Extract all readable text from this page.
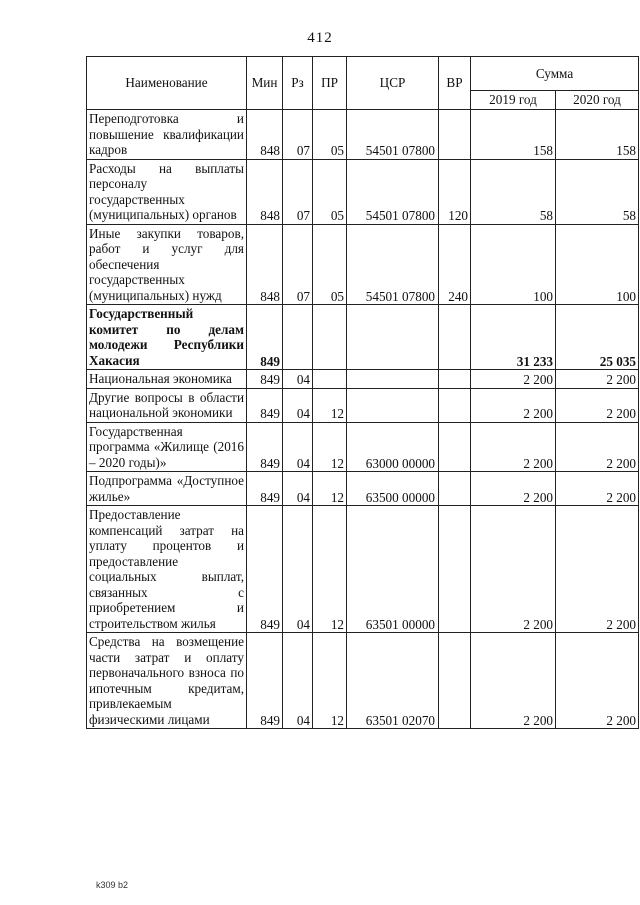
412
Наименование	Мин	Рз	ПР	ЦСР	ВР	Сумма	
						2019 год	2020 год
Переподготовка и повышение квалификации кадров	848	07	05	54501 07800		158	158
Расходы на выплаты персоналу государственных (муниципальных) органов	848	07	05	54501 07800	120	58	58
Иные закупки товаров, работ и услуг для обеспечения государственных (муниципальных) нужд	848	07	05	54501 07800	240	100	100
Государственный комитет по делам молодежи Республики Хакасия	849					31 233	25 035
Национальная экономика	849	04				2 200	2 200
Другие вопросы в области национальной экономики	849	04	12			2 200	2 200
Государственная программа «Жилище (2016 – 2020 годы)»	849	04	12	63000 00000		2 200	2 200
Подпрограмма «Доступное жилье»	849	04	12	63500 00000		2 200	2 200
Предоставление компенсаций затрат на уплату процентов и предоставление социальных выплат, связанных с приобретением и строительством жилья	849	04	12	63501 00000		2 200	2 200
Средства на возмещение части затрат и оплату первоначального взноса по ипотечным кредитам, привлекаемым физическими лицами	849	04	12	63501 02070		2 200	2 200
k309 b2
